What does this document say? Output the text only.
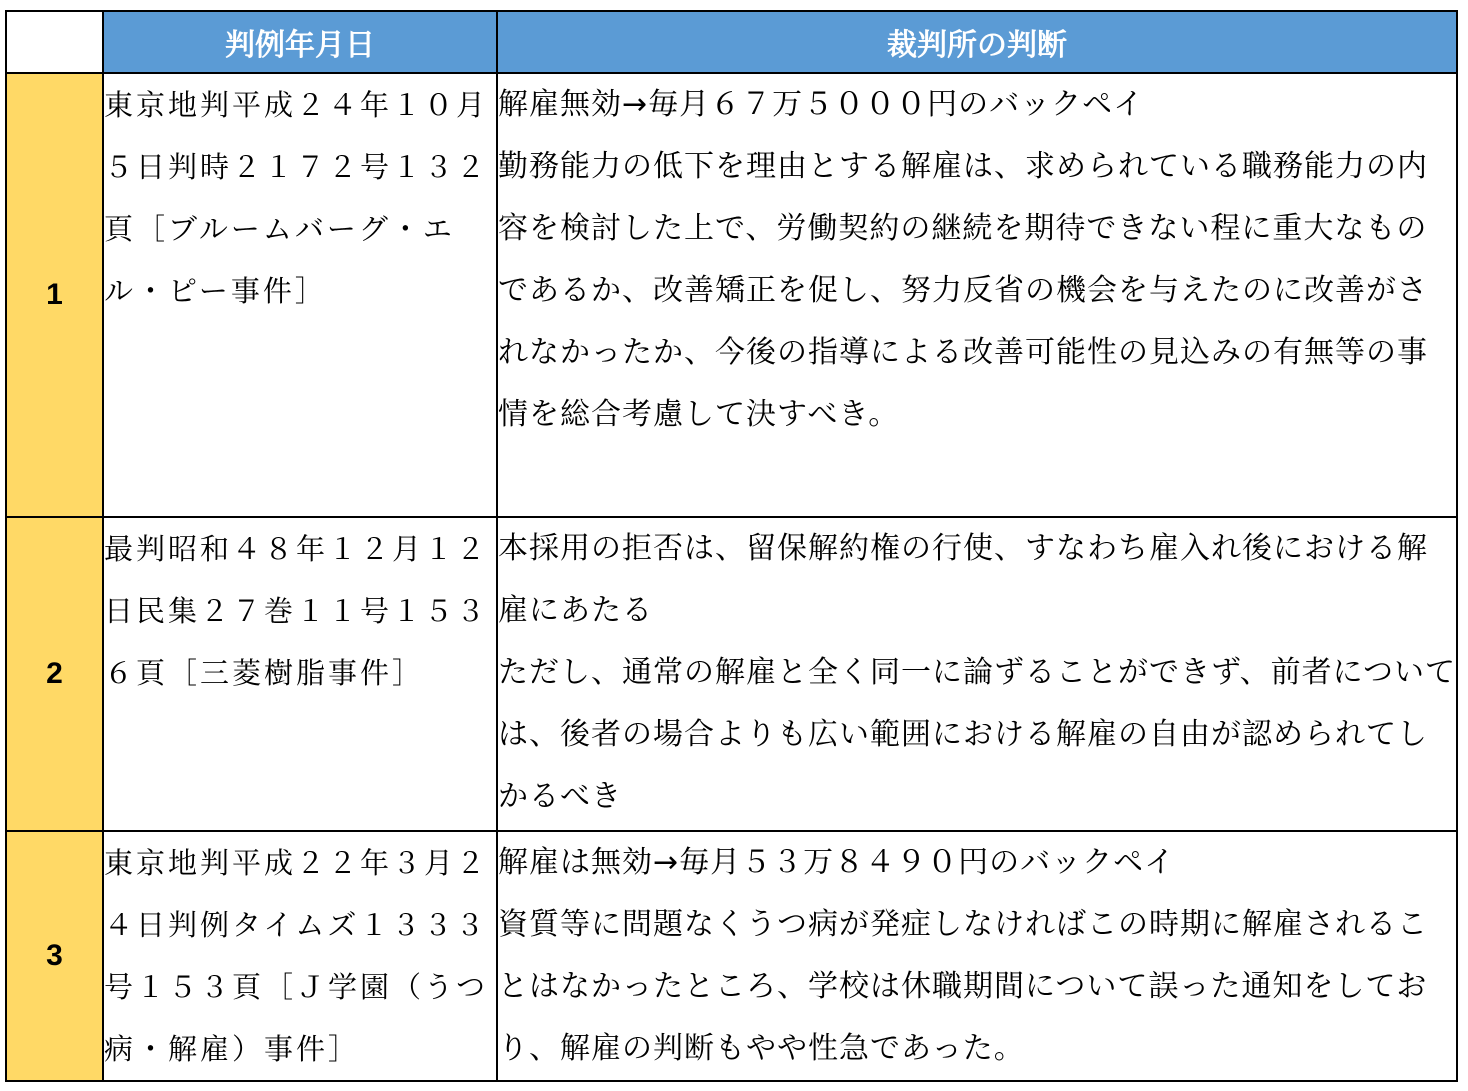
	判例年月日	裁判所の判断
1	東京地判平成２４年１０月５日判時２１７２号１３２頁［ブルームバーグ・エル・ピー事件］	解雇無効→毎月６７万５０００円のバックペイ
勤務能力の低下を理由とする解雇は、求められている職務能力の内容を検討した上で、労働契約の継続を期待できない程に重大なものであるか、改善矯正を促し、努力反省の機会を与えたのに改善がされなかったか、今後の指導による改善可能性の見込みの有無等の事情を総合考慮して決すべき。

2	最判昭和４８年１２月１２日民集２７巻１１号１５３６頁［三菱樹脂事件］	本採用の拒否は、留保解約権の行使、すなわち雇入れ後における解雇にあたる
ただし、通常の解雇と全く同一に論ずることができず、前者については、後者の場合よりも広い範囲における解雇の自由が認められてしかるべき

3	東京地判平成２２年３月２４日判例タイムズ１３３３号１５３頁［Ｊ学園（うつ病・解雇）事件］	解雇は無効→毎月５３万８４９０円のバックペイ
資質等に問題なくうつ病が発症しなければこの時期に解雇されることはなかったところ、学校は休職期間について誤った通知をしており、解雇の判断もやや性急であった。
